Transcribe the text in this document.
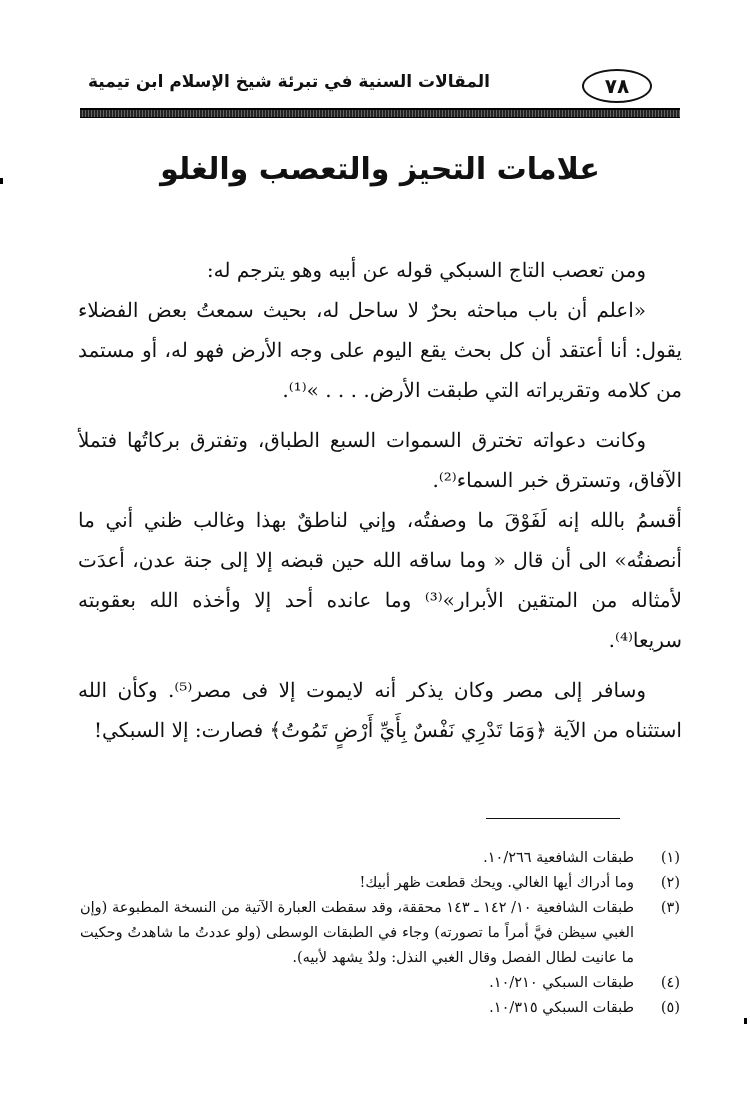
٧٨
المقالات السنية في تبرئة شيخ الإسلام ابن تيمية
علامات التحيز والتعصب والغلو

ومن تعصب التاج السبكي قوله عن أبيه وهو يترجم له:

«اعلم أن باب مباحثه بحرٌ لا ساحل له، بحيث سمعتُ بعض الفضلاء يقول: أنا أعتقد أن كل بحث يقع اليوم على وجه الأرض فهو له، أو مستمد من كلامه وتقريراته التي طبقت الأرض. . . . »⁽¹⁾.

وكانت دعواته تخترق السموات السبع الطباق، وتفترق بركاتُها فتملأ الآفاق، وتسترق خبر السماء⁽²⁾.

أقسمُ بالله إنه لَفَوْقَ ما وصفتُه، وإني لناطقٌ بهذا وغالب ظني أني ما أنصفتُه» الى أن قال « وما ساقه الله حين قبضه إلا إلى جنة عدن، أعدَت لأمثاله من المتقين الأبرار»⁽³⁾ وما عانده أحد إلا وأخذه الله بعقوبته سريعا⁽⁴⁾.

وسافر إلى مصر وكان يذكر أنه لايموت إلا فى مصر⁽⁵⁾. وكأن الله استثناه من الآية ﴿وَمَا تَدْرِي نَفْسٌ بِأَيِّ أَرْضٍ تَمُوتُ﴾ فصارت: إلا السبكي!

(١)
طبقات الشافعية ١٠/٢٦٦.
(٢)
وما أدراك أيها الغالي. ويحك قطعت ظهر أبيك!
(٣)
طبقات الشافعية ١٠/ ١٤٢ ـ ١٤٣ محققة، وقد سقطت العبارة الآتية من النسخة المطبوعة (وإن الغبي سيظن فيَّ أمراً ما تصورته) وجاء في الطبقات الوسطى (ولو عددتُ ما شاهدتُ وحكيت ما عانيت لطال الفصل وقال الغبي النذل: ولدٌ يشهد لأبيه).
(٤)
طبقات السبكي ١٠/٢١٠.
(٥)
طبقات السبكي ١٠/٣١٥.
